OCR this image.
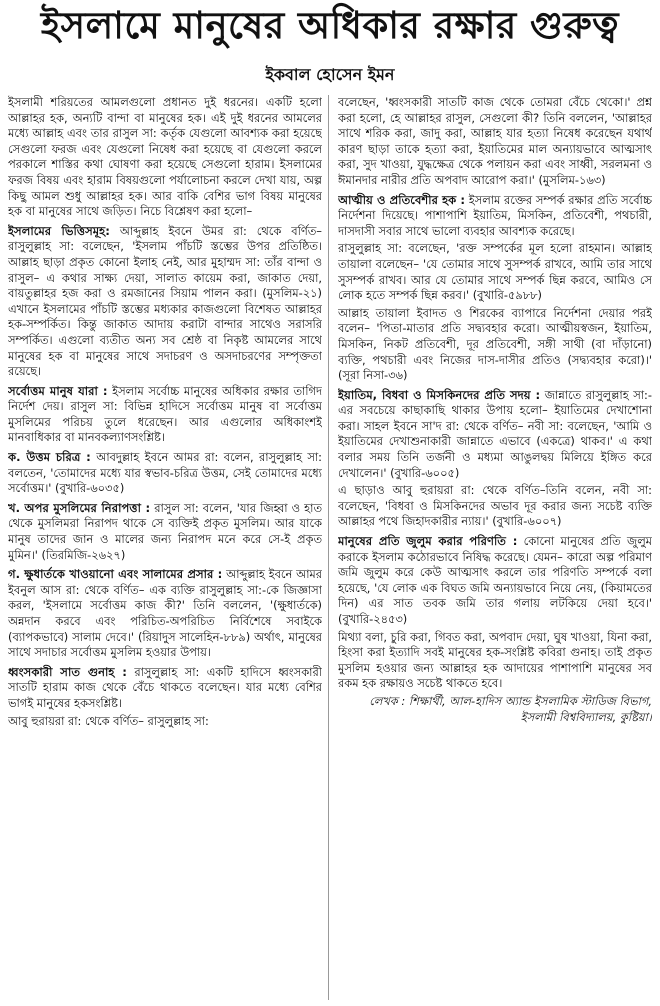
ইসলামে মানুষের অধিকার রক্ষার গুরুত্ব
ইকবাল হোসেন ইমন

ইসলামী শরিয়তের আমলগুলো প্রধানত দুই ধরনের। একটি হলো আল্লাহর হক, অন্যটি বান্দা বা মানুষের হক। এই দুই ধরনের আমলের মধ্যে আল্লাহ এবং তার রাসুল সা: কর্তৃক যেগুলো আবশ্যক করা হয়েছে সেগুলো ফরজ এবং যেগুলো নিষেধ করা হয়েছে বা যেগুলো করলে পরকালে শাস্তির কথা ঘোষণা করা হয়েছে সেগুলো হারাম। ইসলামের ফরজ বিষয় এবং হারাম বিষয়গুলো পর্যালোচনা করলে দেখা যায়, অল্প কিছু আমল শুধু আল্লাহর হক। আর বাকি বেশির ভাগ বিষয় মানুষের হক বা মানুষের সাথে জড়িত। নিচে বিশ্লেষণ করা হলো–

ইসলামের ভিত্তিসমূহ: আব্দুল্লাহ ইবনে উমর রা: থেকে বর্ণিত– রাসুলুল্লাহ সা: বলেছেন, 'ইসলাম পাঁচটি স্তম্ভের উপর প্রতিষ্ঠিত। আল্লাহ ছাড়া প্রকৃত কোনো ইলাহ নেই, আর মুহাম্মদ সা: তাঁর বান্দা ও রাসুল– এ কথার সাক্ষ্য দেয়া, সালাত কায়েম করা, জাকাত দেয়া, বায়তুল্লাহর হজ করা ও রমজানের সিয়াম পালন করা। (মুসলিম-২১) এখানে ইসলামের পাঁচটি স্তম্ভের মধ্যকার কাজগুলো বিশেষত আল্লাহর হক-সম্পর্কিত। কিন্তু জাকাত আদায় করাটা বান্দার সাথেও সরাসরি সম্পর্কিত। এগুলো ব্যতীত অন্য সব শ্রেষ্ঠ বা নিকৃষ্ট আমলের সাথে মানুষের হক বা মানুষের সাথে সদাচরণ ও অসদাচরণের সম্পৃক্ততা রয়েছে।

সর্বোত্তম মানুষ যারা : ইসলাম সর্বোচ্চ মানুষের অধিকার রক্ষার তাগিদ নির্দেশ দেয়। রাসুল সা: বিভিন্ন হাদিসে সর্বোত্তম মানুষ বা সর্বোত্তম মুসলিমের পরিচয় তুলে ধরেছেন। আর এগুলোর অধিকাংশই মানবাধিকার বা মানবকল্যাণসংশ্লিষ্ট।

ক. উত্তম চরিত্র : আবদুল্লাহ ইবনে আমর রা: বলেন, রাসুলুল্লাহ সা: বলতেন, 'তোমাদের মধ্যে যার স্বভাব-চরিত্র উত্তম, সেই তোমাদের মধ্যে সর্বোত্তম।' (বুখারি-৬০৩৫)

খ. অপর মুসলিমের নিরাপত্তা : রাসুল সা: বলেন, 'যার জিহ্বা ও হাত থেকে মুসলিমরা নিরাপদ থাকে সে ব্যক্তিই প্রকৃত মুসলিম। আর যাকে মানুষ তাদের জান ও মালের জন্য নিরাপদ মনে করে সে-ই প্রকৃত মুমিন।' (তিরমিজি-২৬২৭)

গ. ক্ষুধার্তকে খাওয়ানো এবং সালামের প্রসার : আব্দুল্লাহ ইবনে আমর ইবনুল আস রা: থেকে বর্ণিত– এক ব্যক্তি রাসুলুল্লাহ সা:-কে জিজ্ঞাসা করল, 'ইসলামে সর্বোত্তম কাজ কী?' তিনি বললেন, '(ক্ষুধার্তকে) অন্নদান করবে এবং পরিচিত-অপরিচিত নির্বিশেষে সবাইকে (ব্যাপকভাবে) সালাম দেবে।' (রিয়াদুস সালেহিন-৮৮৯) অর্থাৎ, মানুষের সাথে সদাচার সর্বোত্তম মুসলিম হওয়ার উপায়।

ধ্বংসকারী সাত গুনাহ : রাসুলুল্লাহ সা: একটি হাদিসে ধ্বংসকারী সাতটি হারাম কাজ থেকে বেঁচে থাকতে বলেছেন। যার মধ্যে বেশির ভাগই মানুষের হকসংশ্লিষ্ট।

আবু হুরায়রা রা: থেকে বর্ণিত– রাসুলুল্লাহ সা:

বলেছেন, 'ধ্বংসকারী সাতটি কাজ থেকে তোমরা বেঁচে থেকো।' প্রশ্ন করা হলো, হে আল্লাহর রাসুল, সেগুলো কী? তিনি বললেন, 'আল্লাহর সাথে শরিক করা, জাদু করা, আল্লাহ যার হত্যা নিষেধ করেছেন যথার্থ কারণ ছাড়া তাকে হত্যা করা, ইয়াতিমের মাল অন্যায়ভাবে আত্মসাৎ করা, সুদ খাওয়া, যুদ্ধক্ষেত্র থেকে পলায়ন করা এবং সাধ্বী, সরলমনা ও ঈমানদার নারীর প্রতি অপবাদ আরোপ করা।' (মুসলিম-১৬৩)

আত্মীয় ও প্রতিবেশীর হক : ইসলাম রক্তের সম্পর্ক রক্ষার প্রতি সর্বোচ্চ নির্দেশনা দিয়েছে। পাশাপাশি ইয়াতিম, মিসকিন, প্রতিবেশী, পথচারী, দাসদাসী সবার সাথে ভালো ব্যবহার আবশ্যক করেছে।

রাসুলুল্লাহ সা: বলেছেন, 'রক্ত সম্পর্কের মূল হলো রাহমান। আল্লাহ তায়ালা বলেছেন– 'যে তোমার সাথে সুসম্পর্ক রাখবে, আমি তার সাথে সুসম্পর্ক রাখব। আর যে তোমার সাথে সম্পর্ক ছিন্ন করবে, আমিও সে লোক হতে সম্পর্ক ছিন্ন করব।' (বুখারি-৫৯৮৮)

আল্লাহ তায়ালা ইবাদত ও শিরকের ব্যাপারে নির্দেশনা দেয়ার পরই বলেন– 'পিতা-মাতার প্রতি সদ্ব্যবহার করো। আত্মীয়স্বজন, ইয়াতিম, মিসকিন, নিকট প্রতিবেশী, দূর প্রতিবেশী, সঙ্গী সাথী (বা দাঁড়ানো) ব্যক্তি, পথচারী এবং নিজের দাস-দাসীর প্রতিও (সদ্ব্যবহার করো)।' (সূরা নিসা-৩৬)

ইয়াতিম, বিধবা ও মিসকিনদের প্রতি সদয় : জান্নাতে রাসুলুল্লাহ সা:-এর সবচেয়ে কাছাকাছি থাকার উপায় হলো– ইয়াতিমের দেখাশোনা করা। সাহল ইবনে সা'দ রা: থেকে বর্ণিত– নবী সা: বলেছেন, 'আমি ও ইয়াতিমের দেখাশুনাকারী জান্নাতে এভাবে (একত্রে) থাকব।' এ কথা বলার সময় তিনি তর্জনী ও মধ্যমা আঙুলদ্বয় মিলিয়ে ইঙ্গিত করে দেখালেন।' (বুখারি-৬০০৫)

এ ছাড়াও আবু হুরায়রা রা: থেকে বর্ণিত–তিনি বলেন, নবী সা: বলেছেন, 'বিধবা ও মিসকিনদের অভাব দূর করার জন্য সচেষ্ট ব্যক্তি আল্লাহর পথে জিহাদকারীর ন্যায়।' (বুখারি-৬০০৭)

মানুষের প্রতি জুলুম করার পরিণতি : কোনো মানুষের প্রতি জুলুম করাকে ইসলাম কঠোরভাবে নিষিদ্ধ করেছে। যেমন– কারো অল্প পরিমাণ জমি জুলুম করে কেউ আত্মসাৎ করলে তার পরিণতি সম্পর্কে বলা হয়েছে, 'যে লোক এক বিঘত জমি অন্যায়ভাবে নিয়ে নেয়, (কিয়ামতের দিন) এর সাত তবক জমি তার গলায় লটকিয়ে দেয়া হবে।' (বুখারি-২৪৫৩)

মিথ্যা বলা, চুরি করা, গিবত করা, অপবাদ দেয়া, ঘুষ খাওয়া, যিনা করা, হিংসা করা ইত্যাদি সবই মানুষের হক-সংশ্লিষ্ট কবিরা গুনাহ। তাই প্রকৃত মুসলিম হওয়ার জন্য আল্লাহর হক আদায়ের পাশাপাশি মানুষের সব রকম হক রক্ষায়ও সচেষ্ট থাকতে হবে।

লেখক : শিক্ষার্থী, আল-হাদিস অ্যান্ড ইসলামিক স্টাডিজ বিভাগ, ইসলামী বিশ্ববিদ্যালয়, কুষ্টিয়া।
